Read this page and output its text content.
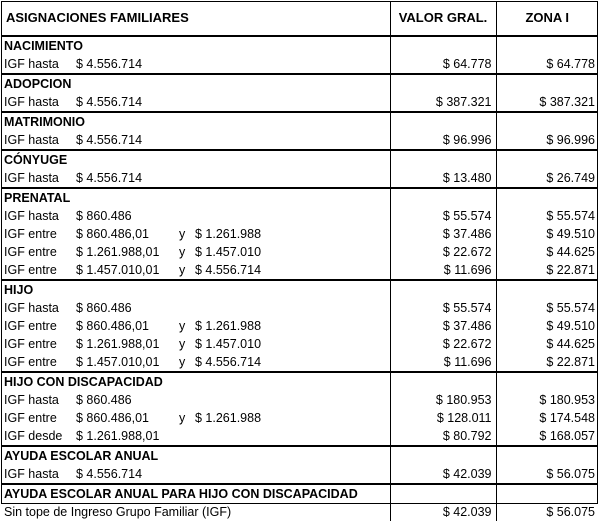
ASIGNACIONES FAMILIARES	VALOR GRAL.	ZONA I
NACIMIENTO		
IGF hasta $ 4.556.714	$ 64.778	$ 64.778
ADOPCION		
IGF hasta $ 4.556.714	$ 387.321	$ 387.321
MATRIMONIO		
IGF hasta $ 4.556.714	$ 96.996	$ 96.996
CÓNYUGE		
IGF hasta $ 4.556.714	$ 13.480	$ 26.749
PRENATAL		
IGF hasta $ 860.486	$ 55.574	$ 55.574
IGF entre $ 860.486,01 y $ 1.261.988	$ 37.486	$ 49.510
IGF entre $ 1.261.988,01 y $ 1.457.010	$ 22.672	$ 44.625
IGF entre $ 1.457.010,01 y $ 4.556.714	$ 11.696	$ 22.871
HIJO		
IGF hasta $ 860.486	$ 55.574	$ 55.574
IGF entre $ 860.486,01 y $ 1.261.988	$ 37.486	$ 49.510
IGF entre $ 1.261.988,01 y $ 1.457.010	$ 22.672	$ 44.625
IGF entre $ 1.457.010,01 y $ 4.556.714	$ 11.696	$ 22.871
HIJO CON DISCAPACIDAD		
IGF hasta $ 860.486	$ 180.953	$ 180.953
IGF entre $ 860.486,01 y $ 1.261.988	$ 128.011	$ 174.548
IGF desde $ 1.261.988,01	$ 80.792	$ 168.057
AYUDA ESCOLAR ANUAL		
IGF hasta $ 4.556.714	$ 42.039	$ 56.075
AYUDA ESCOLAR ANUAL PARA HIJO CON DISCAPACIDAD		
Sin tope de Ingreso Grupo Familiar (IGF)	$ 42.039	$ 56.075
